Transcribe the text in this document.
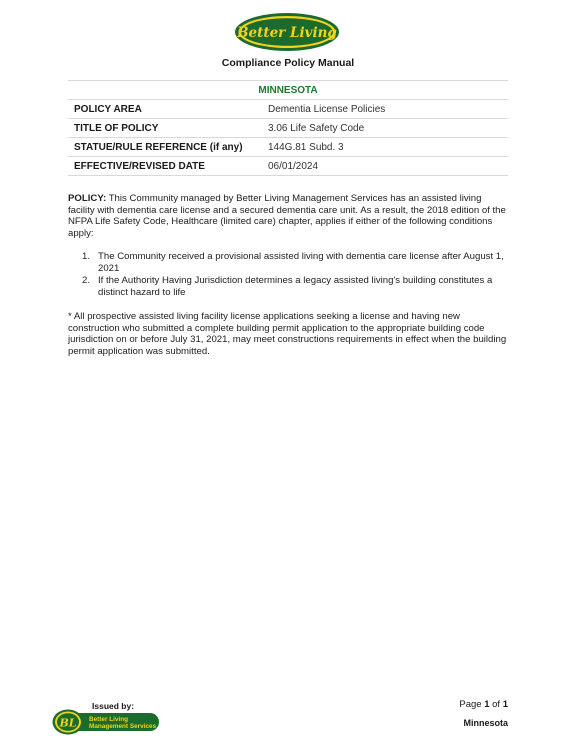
Better Living
Compliance Policy Manual
MINNESOTA	
POLICY AREA	Dementia License Policies
TITLE OF POLICY	3.06 Life Safety Code
STATUE/RULE REFERENCE (if any)	144G.81 Subd. 3
EFFECTIVE/REVISED DATE	06/01/2024
POLICY: This Community managed by Better Living Management Services has an assisted living facility with dementia care license and a secured dementia care unit. As a result, the 2018 edition of the NFPA Life Safety Code, Healthcare (limited care) chapter, applies if either of the following conditions apply:
1. The Community received a provisional assisted living with dementia care license after August 1, 2021
2. If the Authority Having Jurisdiction determines a legacy assisted living's building constitutes a distinct hazard to life
* All prospective assisted living facility license applications seeking a license and having new construction who submitted a complete building permit application to the appropriate building code jurisdiction on or before July 31, 2021, may meet constructions requirements in effect when the building permit application was submitted.
Issued by:
BL Better Living
Management Services
Page 1 of 1
Minnesota
